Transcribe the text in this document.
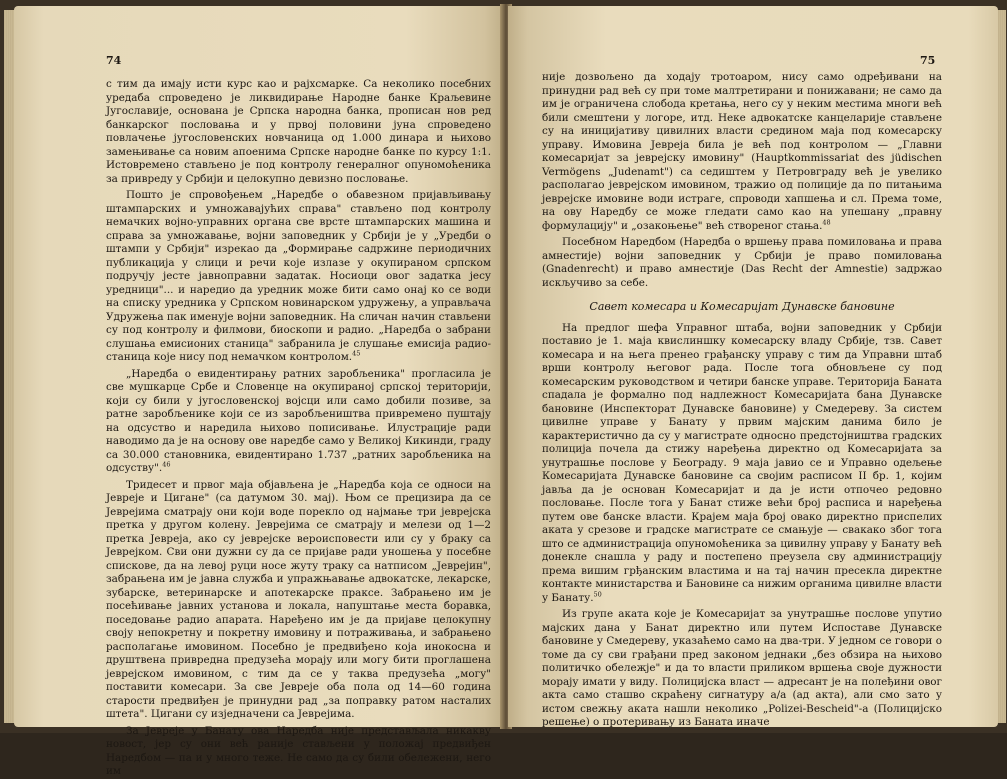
74

с тим да имају исти курс као и рајхсмарке. Са неколико посебних уредаба спроведено је ликвидирање Народне банке Краљевине Југославије, основана је Српска народна банка, прописан нов ред банкарског пословања и у првој половини јуна спроведено повлачење југословенских новчаница од 1.000 динара и њихово замењивање са новим апоенима Српске народне банке по курсу 1:1. Истовремено стављено је под контролу генералног опуномоћеника за привреду у Србији и целокупно девизно пословање.

Пошто је спровођењем „Наредбе о обавезном пријављивању штампарских и умножавајућих справа" стављено под контролу немачких војно-управних органа све врсте штампарских машина и справа за умножавање, војни заповедник у Србији је у „Уредби о штампи у Србији" изрекао да „Формирање садржине периодичних публикација у слици и речи које излазе у окупираном српском подручју јесте јавноправни задатак. Носиоци овог задатка јесу уредници"... и наредио да уредник може бити само онај ко се води на списку уредника у Српском новинарском удружењу, а управљача Удружења пак именује војни заповедник. На сличан начин стављени су под контролу и филмови, биоскопи и радио. „Наредба о забрани слушања емисионих станица" забранила је слушање емисија радио-станица које нису под немачком контролом.$^{45}$

„Наредба о евидентирању ратних заробљеника" прогласила је све мушкарце Србе и Словенце на окупираној српској територији, који су били у југословенској војсци или само добили позиве, за ратне заробљенике који се из заробљеништва привремено пуштају на одсуство и наредила њихово пописивање. Илустрације ради наводимо да је на основу ове наредбе само у Великој Кикинди, граду са 30.000 становника, евидентирано 1.737 „ратних заробљеника на одсуству".$^{46}$

Тридесет и првог маја објављена је „Наредба која се односи на Јевреје и Цигане" (са датумом 30. мај). Њом се прецизира да се Јеврејима сматрају они који воде порекло од најмање три јеврејска претка у другом колену. Јеврејима се сматрају и мелези од 1—2 претка Јевреја, ако су јеврејске вероисповести или су у браку са Јеврејком. Сви они дужни су да се пријаве ради уношења у посебне спискове, да на левој руци носе жуту траку са натписом „Јеврејин", забрањена им је јавна служба и упражњавање адвокатске, лекарске, зубарске, ветеринарске и апотекарске праксе. Забрањено им је посећивање јавних установа и локала, напуштање места боравка, поседовање радио апарата. Наређено им је да пријаве целокупну своју непокретну и покретну имовину и потраживања, и забрањено располагање имовином. Посебно је предвиђено која инокосна и друштвена привредна предузећа морају или могу бити проглашена јеврејском имовином, с тим да се у таква предузећа „могу" поставити комесари. За све Јевреје оба пола од 14—60 година старости предвиђен је принудни рад „за поправку ратом насталих штета". Цигани су изједначени са Јеврејима.

За Јевреје у Банату ова Наредба није представљала никакву новост, јер су они већ раније стављени у положај предвиђен Наредбом — па и у много теже. Не само да су били обележени, него им

75

није дозвољено да ходају тротоаром, нису само одређивани на принудни рад већ су при томе малтретирани и понижавани; не само да им је ограничена слобода кретања, него су у неким местима многи већ били смештени у логоре, итд. Неке адвокатске канцеларије стављене су на иницијативу цивилних власти средином маја под комесарску управу. Имовина Јевреја била је већ под контролом — „Главни комесаријат за јеврејску имовину" (Hauptkommissariat des jüdischen Vermögens „Judenamt") са седиштем у Петровграду већ је увелико располагао јеврејском имовином, тражио од полиције да по питањима јеврејске имовине води истраге, спроводи хапшења и сл. Према томе, на ову Наредбу се може гледати само као на упешану „правну формулацију" и „озакоњење" већ створеног стања.$^{48}$

Посебном Наредбом (Наредба о вршењу права помиловања и права амнестије) војни заповедник у Србији је право помиловања (Gnadenrecht) и право амнестије (Das Recht der Amnestie) задржао искључиво за себе.

Савет комесара и Комесаријат Дунавске бановине

На предлог шефа Управног штаба, војни заповедник у Србији поставио је 1. маја квислиншку комесарску владу Србије, тзв. Савет комесара и на њега пренео грађанску управу с тим да Управни штаб врши контролу његовог рада. После тога обновљене су под комесарским руководством и четири банске управе. Територија Баната спадала је формално под надлежност Комесаријата бана Дунавске бановине (Инспекторат Дунавске бановине) у Смедереву. За систем цивилне управе у Банату у првим мајским данима било је карактеристично да су у магистрате односно предстојништва градских полиција почела да стижу наређења директно од Комесаријата за унутрашње послове у Београду. 9 маја јавио се и Управно одељење Комесаријата Дунавске бановине са својим расписом II бр. 1, којим јавља да је основан Комесаријат и да је исти отпочео редовно пословање. После тога у Банат стиже већи број расписа и наређења путем ове банске власти. Крајем маја број овако директно приспелих аката у срезове и градске магистрате се смањује — свакако због тога што се администрација опуномоћеника за цивилну управу у Банату већ донекле снашла у раду и постепено преузела сву администрацију према вишим грђанским властима и на тај начин пресекла директне контакте министарства и Бановине са нижим органима цивилне власти у Банату.$^{50}$

Из групе аката које је Комесаријат за унутрашње послове упутио мајских дана у Банат директно или путем Испоставе Дунавске бановине у Смедереву, указаћемо само на два-три. У једном се говори о томе да су сви грађани пред законом једнаки „без обзира на њихово политичко обележје" и да то власти приликом вршења своје дужности морају имати у виду. Полицијска власт — адресант је на полеђини овог акта само сташво скраћену сигнатуру а/а (ад акта), али смо зато у истом свежњу аката нашли неколико „Polizei-Bescheid"-а (Полицијско решење) о протеривању из Баната иначе
